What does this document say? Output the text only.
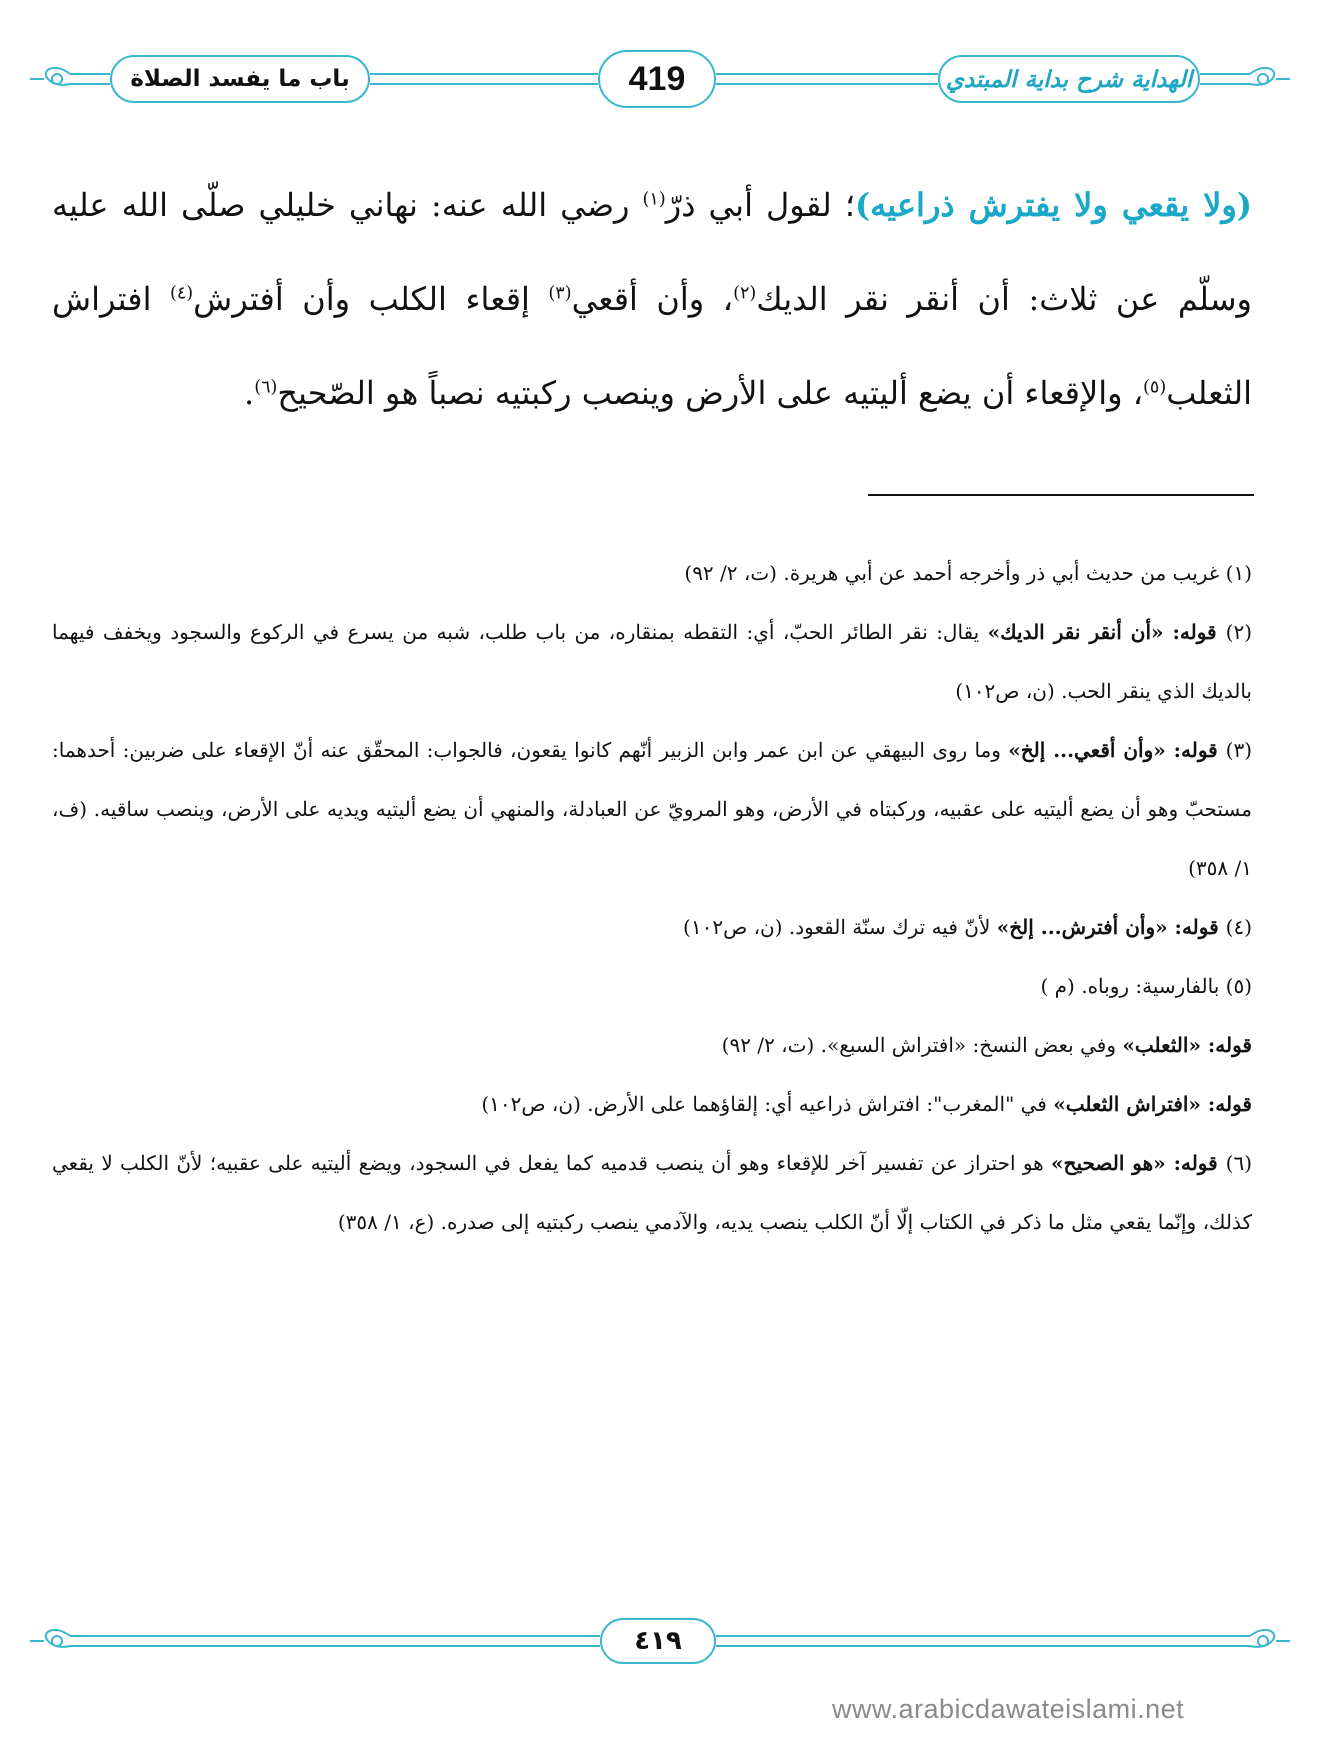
باب ما يفسد الصلاة	419	الهداية شرح بداية المبتدي

(ولا يقعي ولا يفترش ذراعيه)؛ لقول أبي ذرّ$^{(١)}$ رضي الله عنه: نهاني خليلي صلّى الله عليه وسلّم عن ثلاث: أن أنقر نقر الديك$^{(٢)}$، وأن أقعي$^{(٣)}$ إقعاء الكلب وأن أفترش$^{(٤)}$ افتراش الثعلب$^{(٥)}$، والإقعاء أن يضع أليتيه على الأرض وينصب ركبتيه نصباً هو الصّحيح$^{(٦)}$.

(١) غريب من حديث أبي ذر وأخرجه أحمد عن أبي هريرة. (ت، ٢/ ٩٢)

(٢) قوله: «أن أنقر نقر الديك» يقال: نقر الطائر الحبّ، أي: التقطه بمنقاره، من باب طلب، شبه من يسرع في الركوع والسجود ويخفف فيهما بالديك الذي ينقر الحب. (ن، ص١٠٢)

(٣) قوله: «وأن أقعي... إلخ» وما روى البيهقي عن ابن عمر وابن الزبير أنّهم كانوا يقعون، فالجواب: المحقّق عنه أنّ الإقعاء على ضربين: أحدهما: مستحبّ وهو أن يضع أليتيه على عقبيه، وركبتاه في الأرض، وهو المرويّ عن العبادلة، والمنهي أن يضع أليتيه ويديه على الأرض، وينصب ساقيه. (ف، ١/ ٣٥٨)

(٤) قوله: «وأن أفترش... إلخ» لأنّ فيه ترك سنّة القعود. (ن، ص١٠٢)

(٥) بالفارسية: روباه. (م )

قوله: «الثعلب» وفي بعض النسخ: «افتراش السبع». (ت، ٢/ ٩٢)

قوله: «افتراش الثعلب» في "المغرب": افتراش ذراعيه أي: إلقاؤهما على الأرض. (ن، ص١٠٢)

(٦) قوله: «هو الصحيح» هو احتراز عن تفسير آخر للإقعاء وهو أن ينصب قدميه كما يفعل في السجود، ويضع أليتيه على عقبيه؛ لأنّ الكلب لا يقعي كذلك، وإنّما يقعي مثل ما ذكر في الكتاب إلّا أنّ الكلب ينصب يديه، والآدمي ينصب ركبتيه إلى صدره. (ع، ١/ ٣٥٨)

٤١٩
www.arabicdawateislami.net
